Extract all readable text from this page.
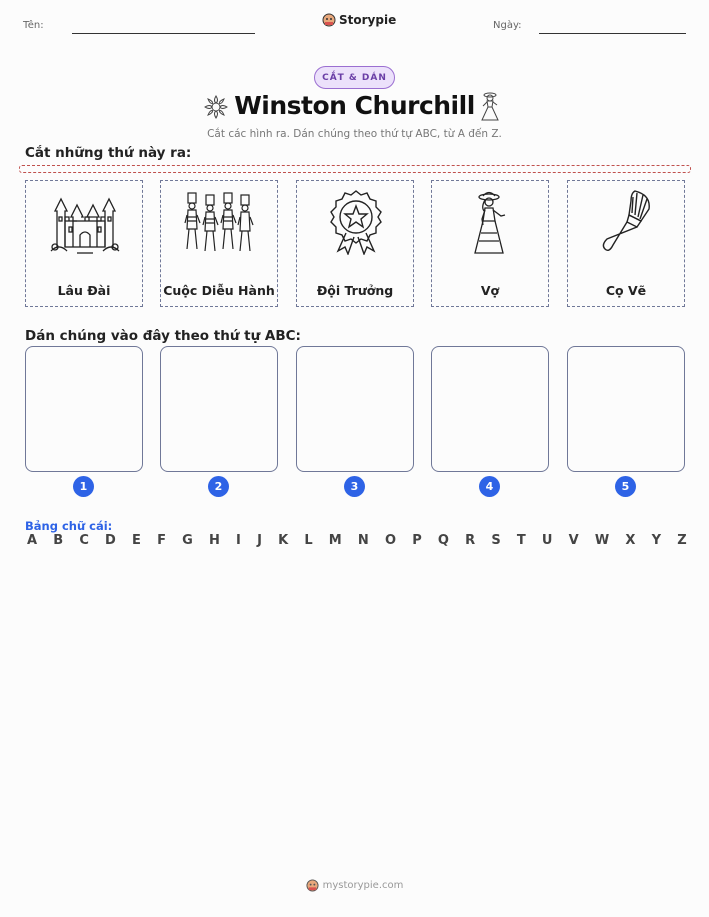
Tên:	Storypie	Ngày:
CẮT & DÁN
Winston Churchill
Cắt các hình ra. Dán chúng theo thứ tự ABC, từ A đến Z.
Cắt những thứ này ra:
Lâu Đài	Cuộc Diễu Hành	Đội Trưởng	Vợ	Cọ Vẽ
Dán chúng vào đây theo thứ tự ABC:
1	2	3	4	5
Bảng chữ cái:
A B C D E F G H I J K L M N O P Q R S T U V W X Y Z
mystorypie.com
